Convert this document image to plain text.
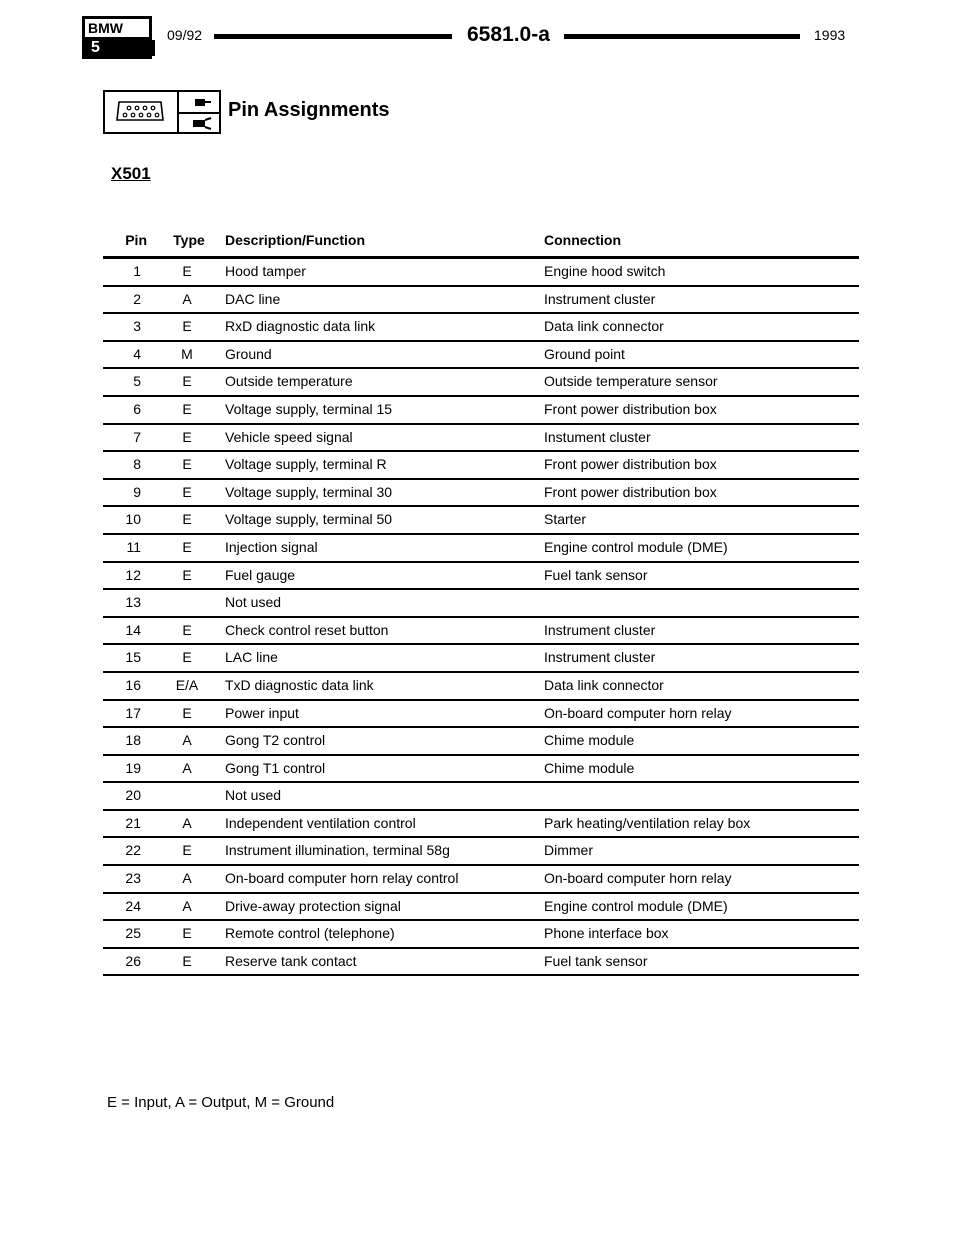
BMW
5
09/92	6581.0-a	1993
Pin Assignments
X501
Pin	Type	Description/Function	Connection
1	E	Hood tamper	Engine hood switch
2	A	DAC line	Instrument cluster
3	E	RxD diagnostic data link	Data link connector
4	M	Ground	Ground point
5	E	Outside temperature	Outside temperature sensor
6	E	Voltage supply, terminal 15	Front power distribution box
7	E	Vehicle speed signal	Instument cluster
8	E	Voltage supply, terminal R	Front power distribution box
9	E	Voltage supply, terminal 30	Front power distribution box
10	E	Voltage supply, terminal 50	Starter
11	E	Injection signal	Engine control module (DME)
12	E	Fuel gauge	Fuel tank sensor
13	Not used
14	E	Check control reset button	Instrument cluster
15	E	LAC line	Instrument cluster
16	E/A	TxD diagnostic data link	Data link connector
17	E	Power input	On-board computer horn relay
18	A	Gong T2 control	Chime module
19	A	Gong T1 control	Chime module
20	Not used
21	A	Independent ventilation control	Park heating/ventilation relay box
22	E	Instrument illumination, terminal 58g	Dimmer
23	A	On-board computer horn relay control	On-board computer horn relay
24	A	Drive-away protection signal	Engine control module (DME)
25	E	Remote control (telephone)	Phone interface box
26	E	Reserve tank contact	Fuel tank sensor
E = Input, A = Output, M = Ground
